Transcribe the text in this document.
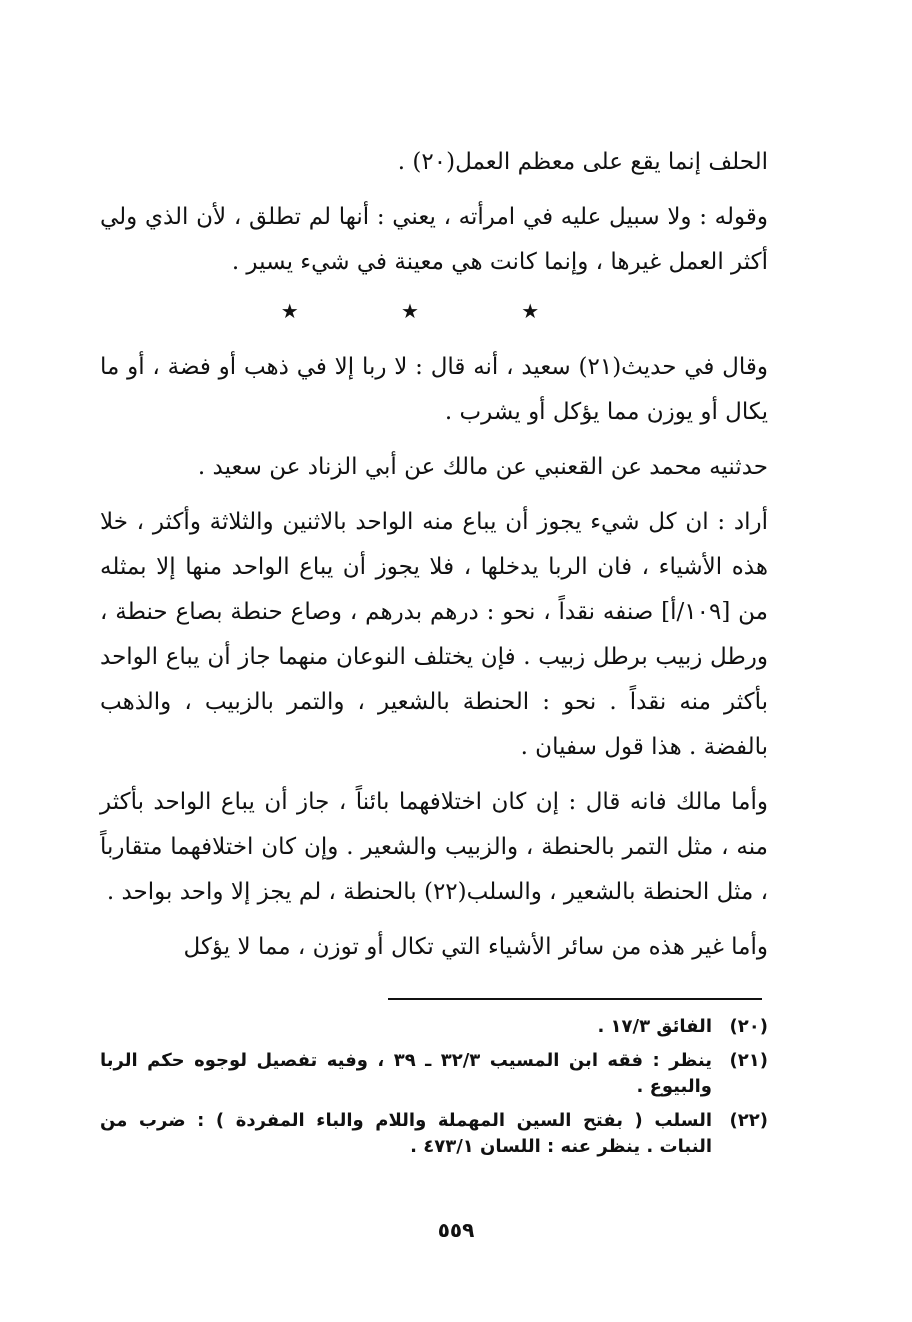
الحلف إنما يقع على معظم العمل(٢٠) .

وقوله : ولا سبيل عليه في امرأته ، يعني : أنها لم تطلق ، لأن الذي ولي أكثر العمل غيرها ، وإنما كانت هي معينة في شيء يسير .

★ ★ ★

وقال في حديث(٢١) سعيد ، أنه قال : لا ربا إلا في ذهب أو فضة ، أو ما يكال أو يوزن مما يؤكل أو يشرب .

حدثنيه محمد عن القعنبي عن مالك عن أبي الزناد عن سعيد .

أراد : ان كل شيء يجوز أن يباع منه الواحد بالاثنين والثلاثة وأكثر ، خلا هذه الأشياء ، فان الربا يدخلها ، فلا يجوز أن يباع الواحد منها إلا بمثله من [١٠٩/أ] صنفه نقداً ، نحو : درهم بدرهم ، وصاع حنطة بصاع حنطة ، ورطل زبيب برطل زبيب . فإن يختلف النوعان منهما جاز أن يباع الواحد بأكثر منه نقداً . نحو : الحنطة بالشعير ، والتمر بالزبيب ، والذهب بالفضة . هذا قول سفيان .

وأما مالك فانه قال : إن كان اختلافهما بائناً ، جاز أن يباع الواحد بأكثر منه ، مثل التمر بالحنطة ، والزبيب والشعير . وإن كان اختلافهما متقارباً ، مثل الحنطة بالشعير ، والسلب(٢٢) بالحنطة ، لم يجز إلا واحد بواحد .

وأما غير هذه من سائر الأشياء التي تكال أو توزن ، مما لا يؤكل

(٢٠)
الفائق ١٧/٣ .
(٢١)
ينظر : فقه ابن المسيب ٣٢/٣ ـ ٣٩ ، وفيه تفصيل لوجوه حكم الربا والبيوع .
(٢٢)
السلب ( بفتح السين المهملة واللام والباء المفردة ) : ضرب من النبات . ينظر عنه : اللسان ٤٧٣/١ .
٥٥٩
